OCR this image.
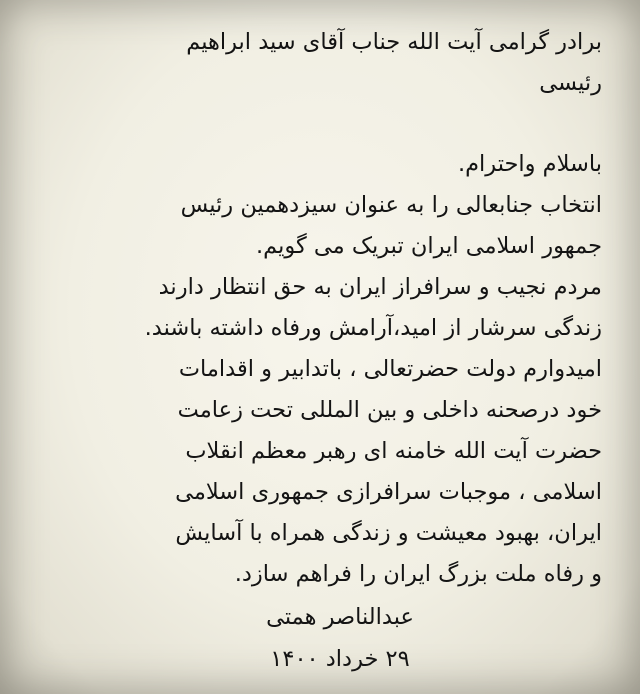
برادر گرامی آیت الله جناب آقای سید ابراهیم
رئیسی
باسلام واحترام.
انتخاب جنابعالی را به عنوان سیزدهمین رئیس
جمهور اسلامی ایران تبریک می گویم.
مردم نجیب و سرافراز ایران به حق انتظار دارند
زندگی سرشار از امید،آرامش ورفاه داشته باشند.
امیدوارم دولت حضرتعالی ، باتدابیر و اقدامات
خود درصحنه داخلی و بین المللی تحت زعامت
حضرت آیت الله خامنه ای رهبر معظم انقلاب
اسلامی ، موجبات سرافرازی جمهوری اسلامی
ایران، بهبود معیشت و زندگی همراه با آسایش
و رفاه ملت بزرگ ایران را فراهم سازد.
عبدالناصر همتی
۲۹ خرداد ۱۴۰۰
